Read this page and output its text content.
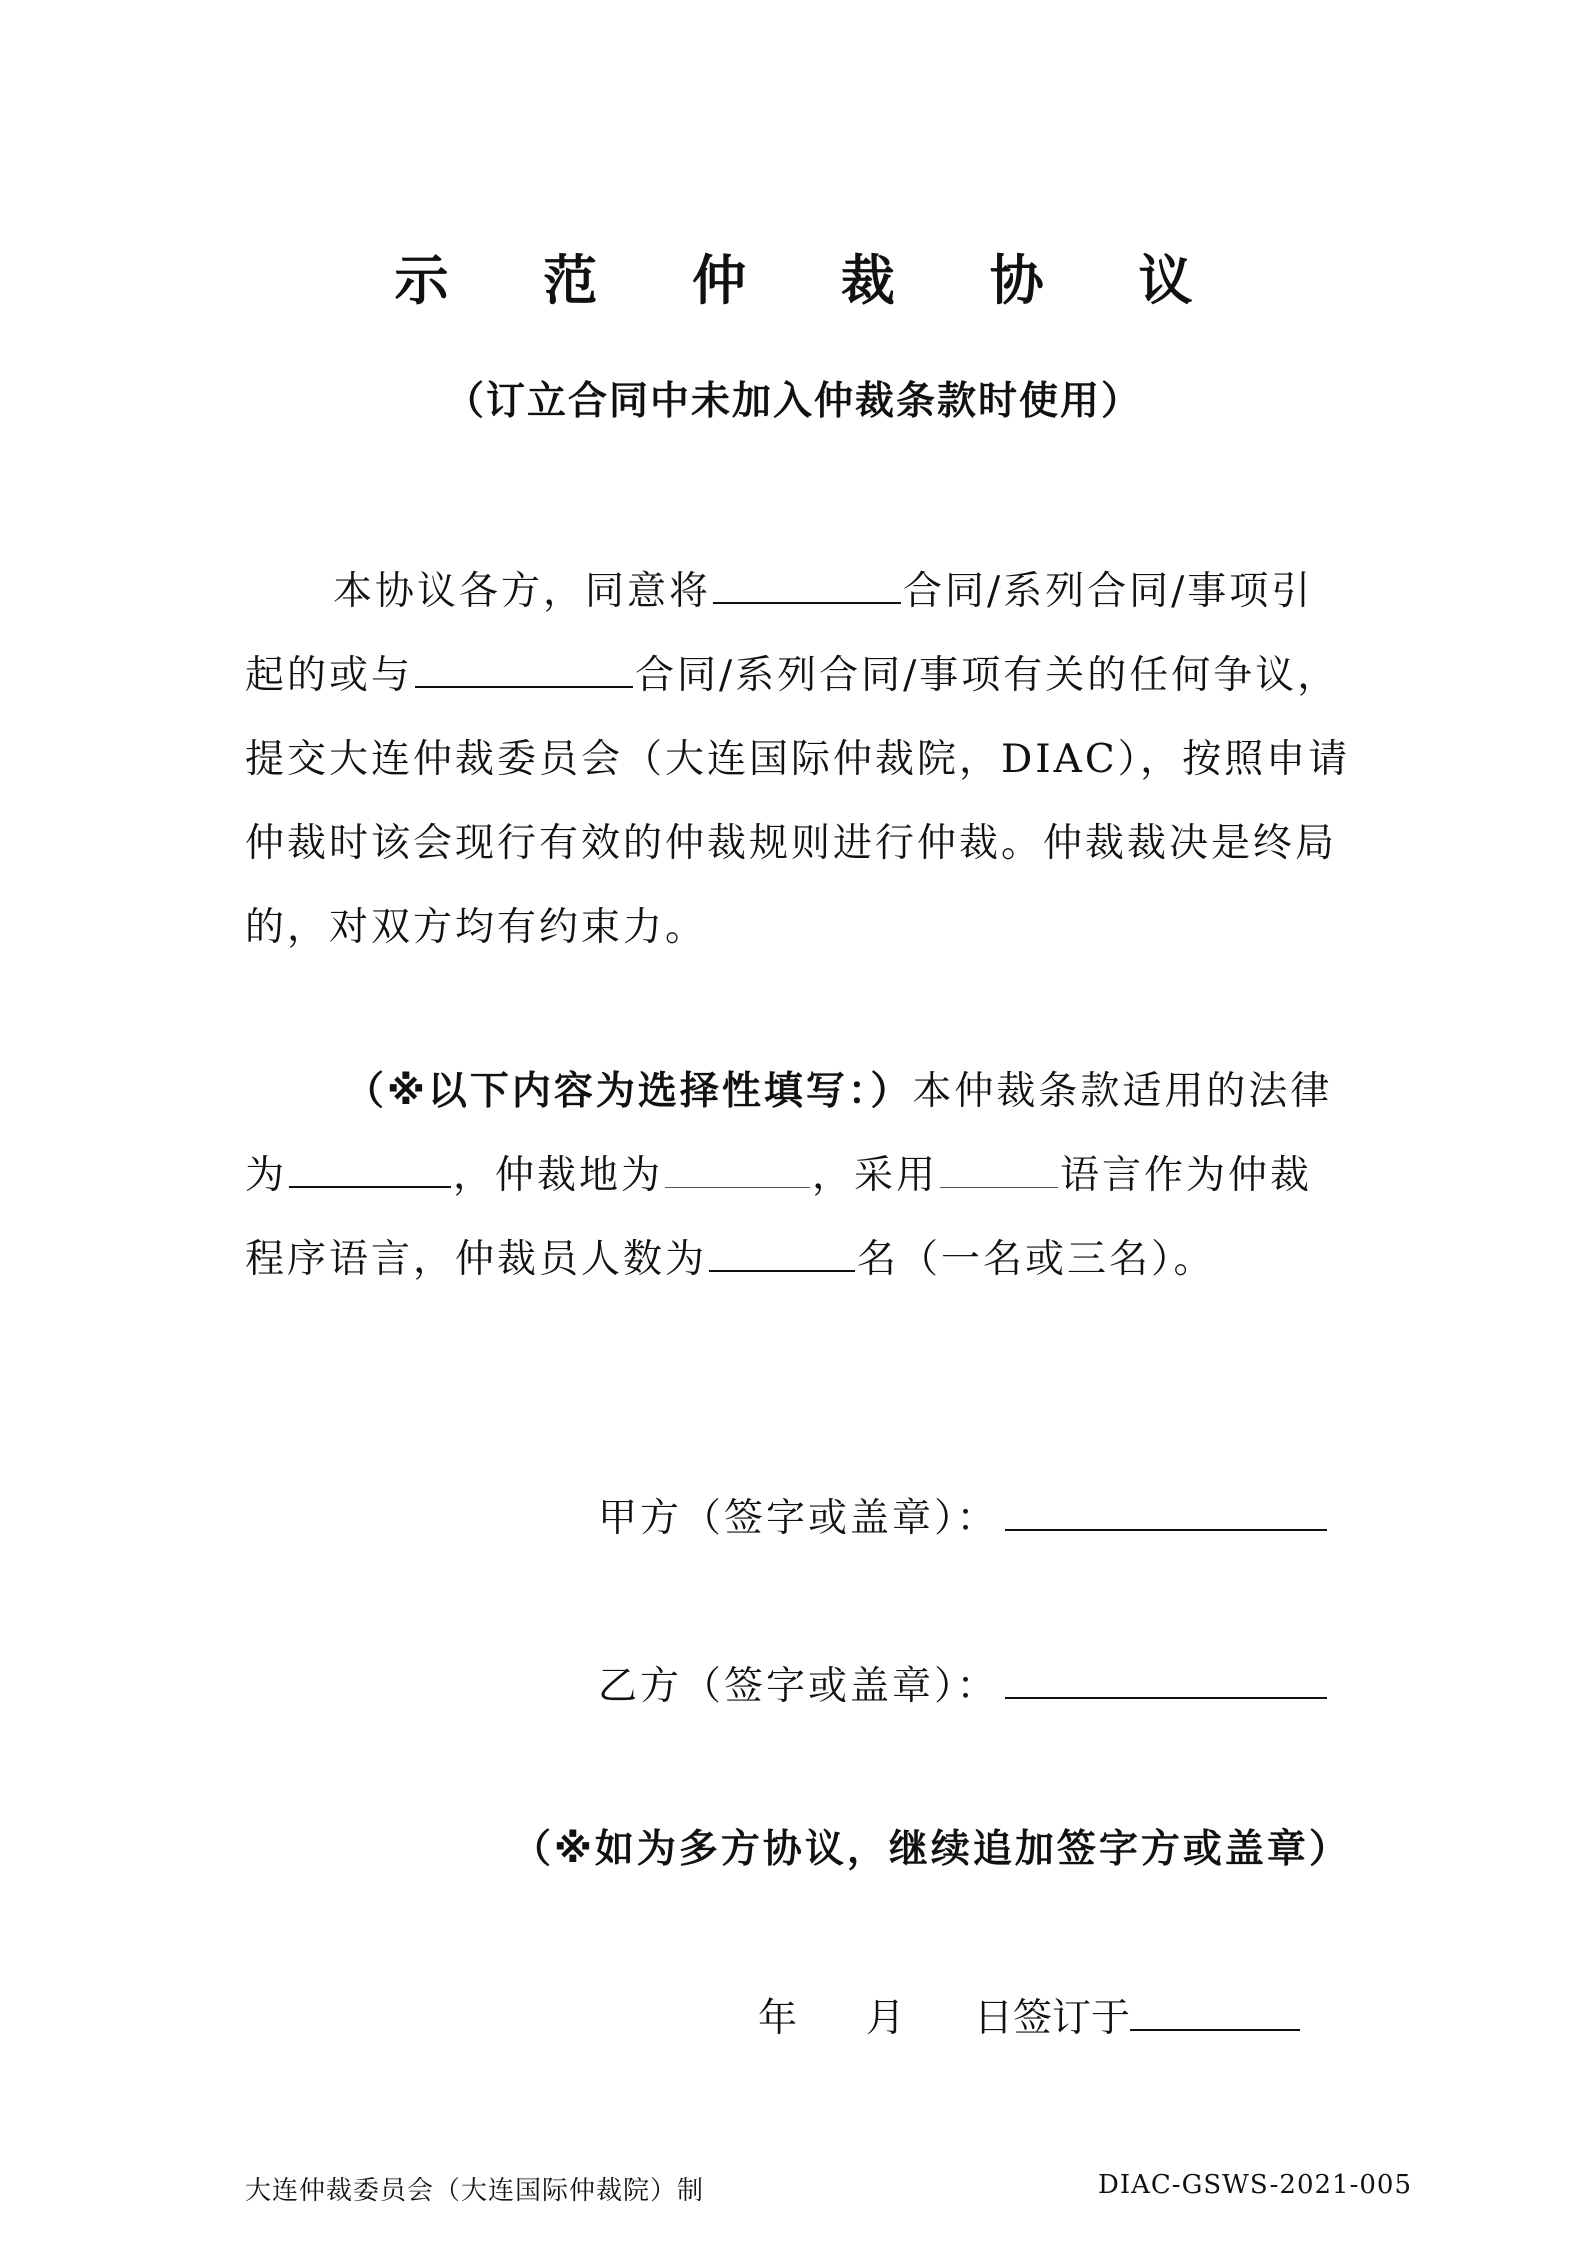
示 范 仲 裁 协 议
（订立合同中未加入仲裁条款时使用）
本协议各方，同意将	合同/系列合同/事项引
起的或与	合同/系列合同/事项有关的任何争议，
提交大连仲裁委员会（大连国际仲裁院，DIAC），按照申请
仲裁时该会现行有效的仲裁规则进行仲裁。仲裁裁决是终局
的，对双方均有约束力。
（※以下内容为选择性填写：）本仲裁条款适用的法律
为	，仲裁地为	，采用	语言作为仲裁
程序语言，仲裁员人数为	名（一名或三名）。
甲方（签字或盖章）：
乙方（签字或盖章）：
（※如为多方协议，继续追加签字方或盖章）
年 月 日签订于
大连仲裁委员会（大连国际仲裁院）制	DIAC-GSWS-2021-005
